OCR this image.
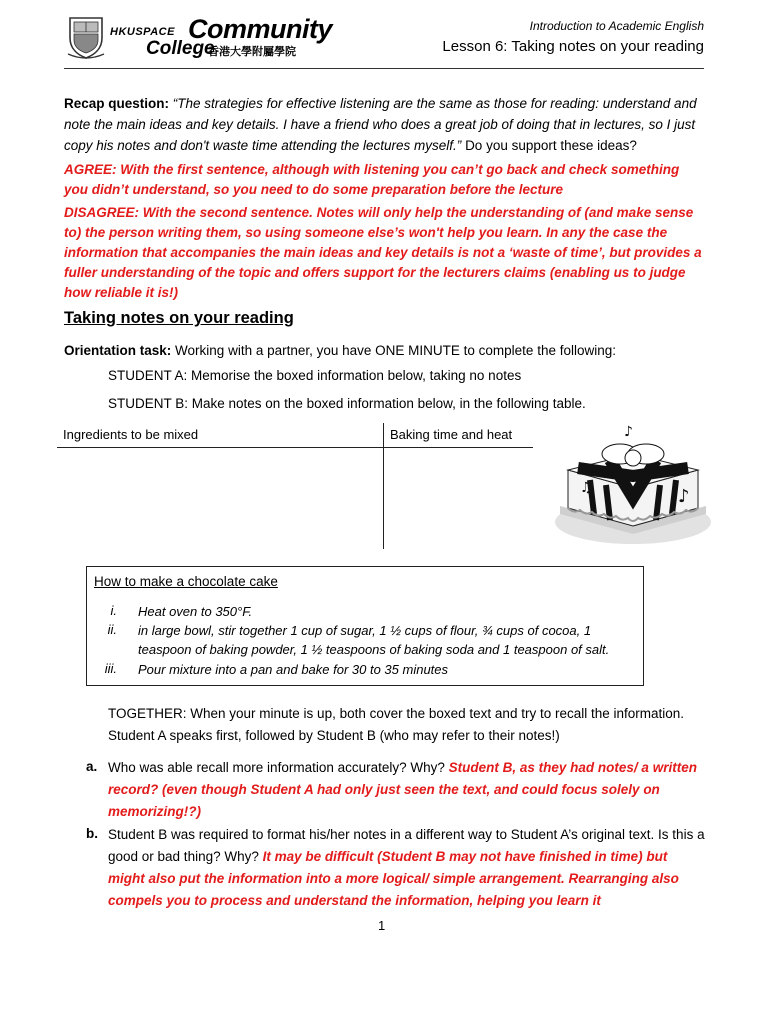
HKUSPACE Community
College
香港大學附屬學院
Introduction to Academic English
Lesson 6: Taking notes on your reading
Recap question: “The strategies for effective listening are the same as those for reading: understand and note the main ideas and key details. I have a friend who does a great job of doing that in lectures, so I just copy his notes and don't waste time attending the lectures myself.” Do you support these ideas?
AGREE: With the first sentence, although with listening you can’t go back and check something you didn’t understand, so you need to do some preparation before the lecture
DISAGREE: With the second sentence. Notes will only help the understanding of (and make sense to) the person writing them, so using someone else’s won't help you learn. In any the case the information that accompanies the main ideas and key details is not a ‘waste of time’, but provides a fuller understanding of the topic and offers support for the lecturers claims (enabling us to judge how reliable it is!)
Taking notes on your reading
Orientation task: Working with a partner, you have ONE MINUTE to complete the following:
STUDENT A: Memorise the boxed information below, taking no notes
STUDENT B: Make notes on the boxed information below, in the following table.
Ingredients to be mixed	Baking time and heat
♪
♫
♪
How to make a chocolate cake
i. Heat oven to 350°F.
ii. in large bowl, stir together 1 cup of sugar, 1 ½ cups of flour, ¾ cups of cocoa, 1 teaspoon of baking powder, 1 ½ teaspoons of baking soda and 1 teaspoon of salt.
iii. Pour mixture into a pan and bake for 30 to 35 minutes
TOGETHER: When your minute is up, both cover the boxed text and try to recall the information. Student A speaks first, followed by Student B (who may refer to their notes!)
a. Who was able recall more information accurately? Why? Student B, as they had notes/ a written record? (even though Student A had only just seen the text, and could focus solely on memorizing!?)
b. Student B was required to format his/her notes in a different way to Student A’s original text. Is this a good or bad thing? Why? It may be difficult (Student B may not have finished in time) but might also put the information into a more logical/ simple arrangement. Rearranging also compels you to process and understand the information, helping you learn it
1
